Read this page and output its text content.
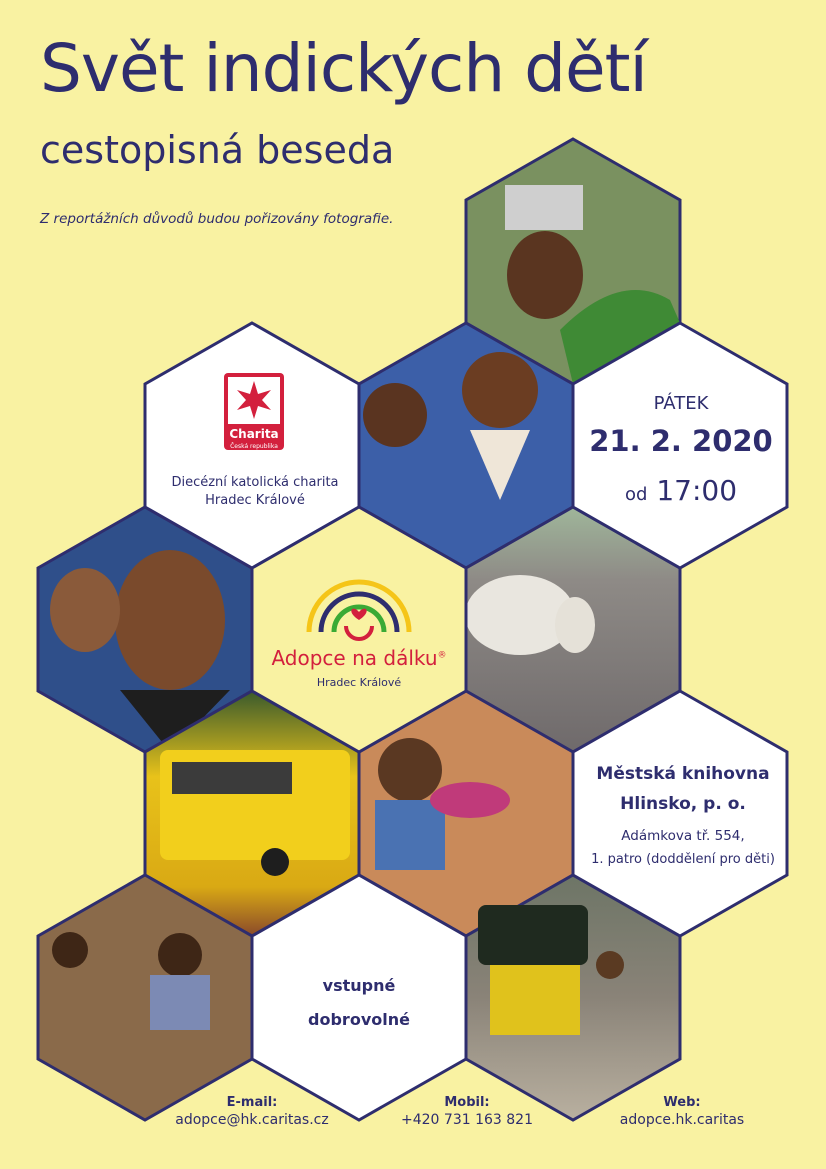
Svět indických dětí
cestopisná beseda
Z reportážních důvodů budou pořizovány fotografie.
Charita
Česká republika
Diecézní katolická charita
Hradec Králové
Adopce na dálku®
Hradec Králové
PÁTEK
21. 2. 2020
od 17:00
Městská knihovna
Hlinsko, p. o.
Adámkova tř. 554,
1. patro (doddělení pro děti)
vstupné
dobrovolné
E-mail:
adopce@hk.caritas.cz
Mobil:
+420 731 163 821
Web:
adopce.hk.caritas
